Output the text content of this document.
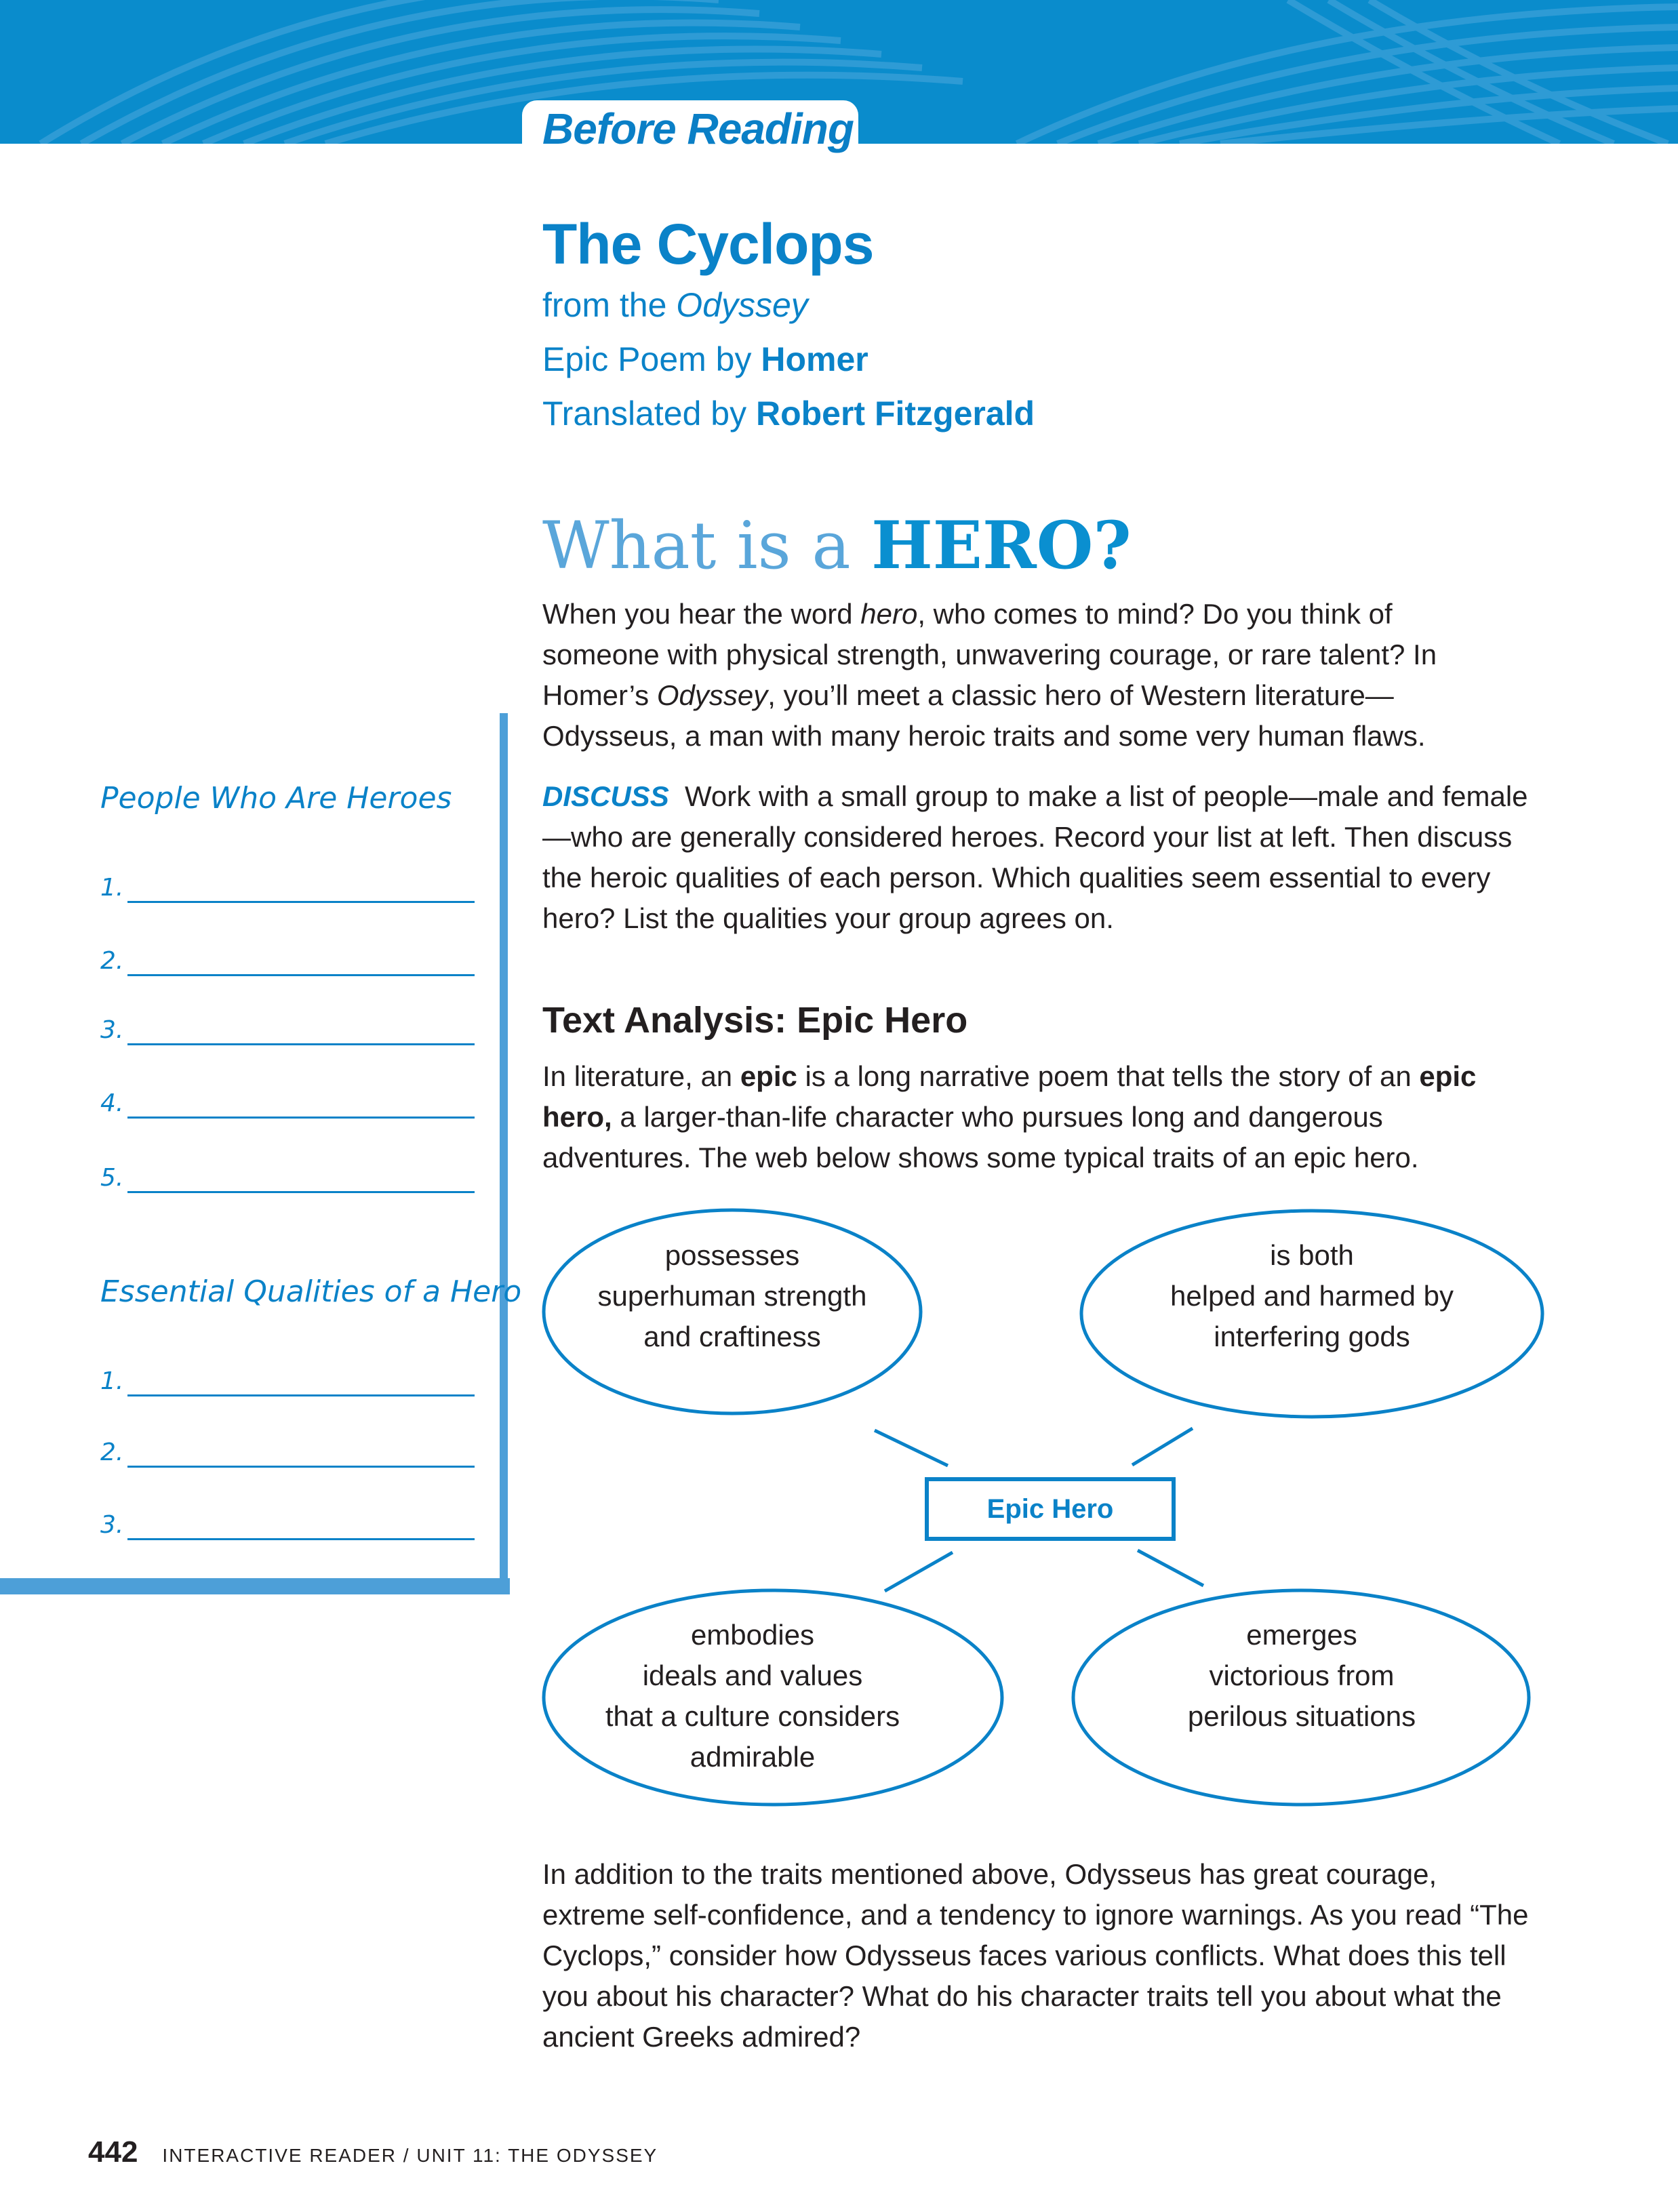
Before Reading
The Cyclops
from the Odyssey
Epic Poem by Homer
Translated by Robert Fitzgerald
What is a HERO?

When you hear the word hero, who comes to mind? Do you think of someone with physical strength, unwavering courage, or rare talent? In Homer’s Odyssey, you’ll meet a classic hero of Western literature—Odysseus, a man with many heroic traits and some very human flaws.

DISCUSS Work with a small group to make a list of people—male and female—who are generally considered heroes. Record your list at left. Then discuss the heroic qualities of each person. Which qualities seem essential to every hero? List the qualities your group agrees on.

People Who Are Heroes
1.
2.
3.
4.
5.
Essential Qualities of a Hero
1.
2.
3.
Text Analysis: Epic Hero

In literature, an epic is a long narrative poem that tells the story of an epic hero, a larger-than-life character who pursues long and dangerous adventures. The web below shows some typical traits of an epic hero.

Epic Hero
possesses
superhuman strength
and craftiness
is both
helped and harmed by
interfering gods
embodies
ideals and values
that a culture considers
admirable
emerges
victorious from
perilous situations

In addition to the traits mentioned above, Odysseus has great courage, extreme self-confidence, and a tendency to ignore warnings. As you read “The Cyclops,” consider how Odysseus faces various conflicts. What does this tell you about his character? What do his character traits tell you about what the ancient Greeks admired?

442 INTERACTIVE READER / UNIT 11: THE ODYSSEY
